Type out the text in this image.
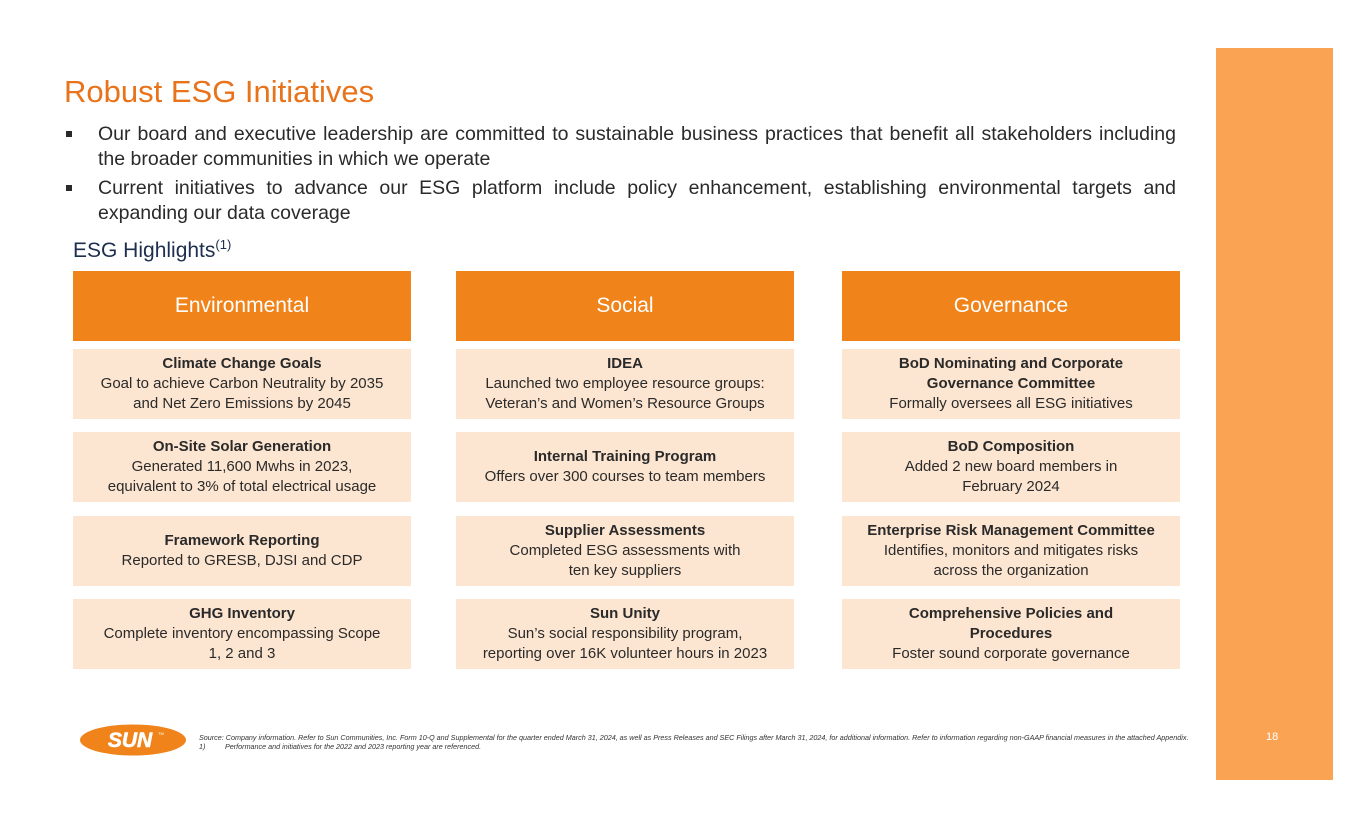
18
Robust ESG Initiatives
Our board and executive leadership are committed to sustainable business practices that benefit all stakeholders including the broader communities in which we operate
Current initiatives to advance our ESG platform include policy enhancement, establishing environmental targets and expanding our data coverage
ESG Highlights$^{(1)}$
Environmental	Social	Governance
Climate Change Goals
Goal to achieve Carbon Neutrality by 2035
and Net Zero Emissions by 2045
On-Site Solar Generation
Generated 11,600 Mwhs in 2023,
equivalent to 3% of total electrical usage
Framework Reporting
Reported to GRESB, DJSI and CDP
GHG Inventory
Complete inventory encompassing Scope
1, 2 and 3
IDEA
Launched two employee resource groups:
Veteran’s and Women’s Resource Groups
Internal Training Program
Offers over 300 courses to team members
Supplier Assessments
Completed ESG assessments with
ten key suppliers
Sun Unity
Sun’s social responsibility program,
reporting over 16K volunteer hours in 2023
BoD Nominating and Corporate
Governance Committee
Formally oversees all ESG initiatives
BoD Composition
Added 2 new board members in
February 2024
Enterprise Risk Management Committee
Identifies, monitors and mitigates risks
across the organization
Comprehensive Policies and
Procedures
Foster sound corporate governance
SUN TM	Source: Company information. Refer to Sun Communities, Inc. Form 10-Q and Supplemental for the quarter ended March 31, 2024, as well as Press Releases and SEC Filings after March 31, 2024, for additional information. Refer to information regarding non-GAAP financial measures in the attached Appendix.
1)	Performance and initiatives for the 2022 and 2023 reporting year are referenced.
